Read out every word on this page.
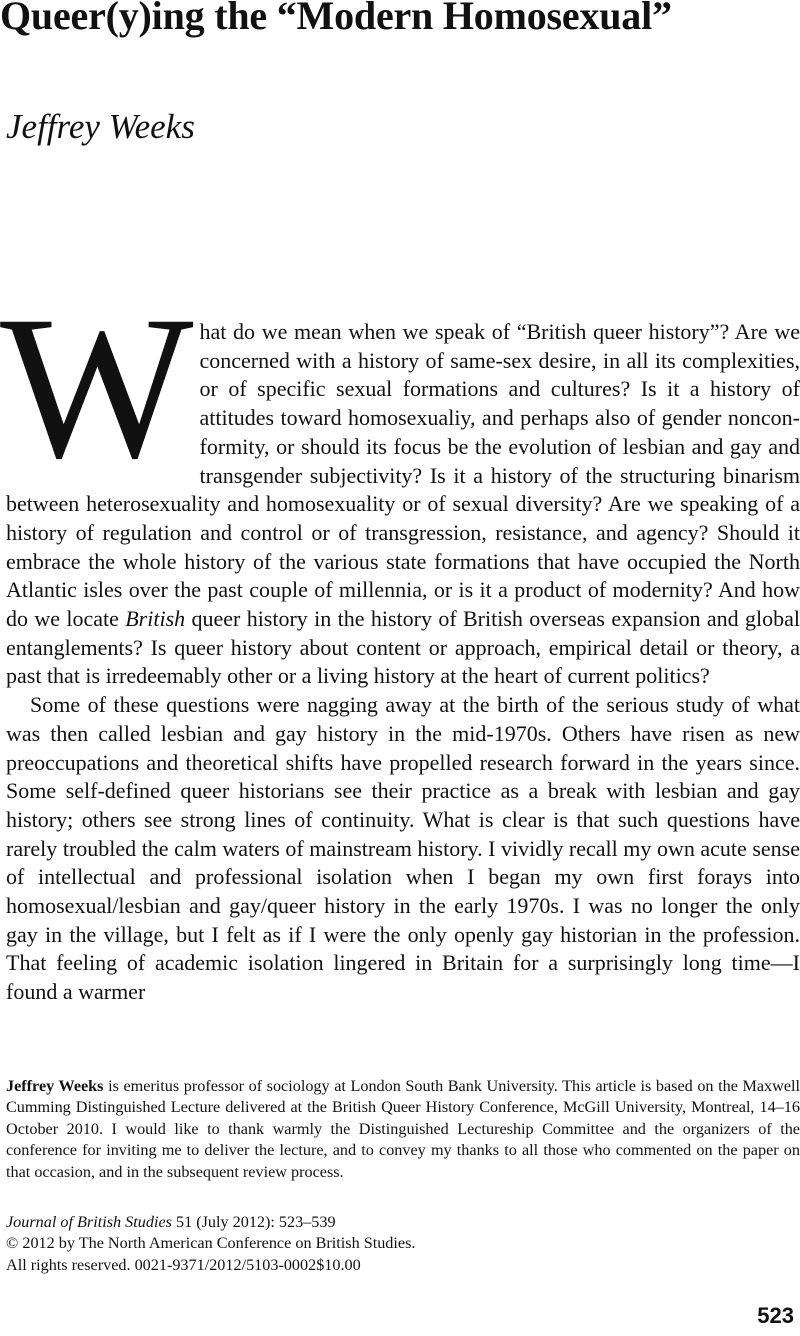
Queer(y)ing the “Modern Homosexual”
Jeffrey Weeks

What do we mean when we speak of “British queer history”? Are we concerned with a history of same-sex desire, in all its complexities, or of specific sexual formations and cultures? Is it a history of attitudes toward homosexualiy, and perhaps also of gender nonconformity, or should its focus be the evolution of lesbian and gay and transgender subjectivity? Is it a history of the structuring binarism between heterosexuality and homosexuality or of sexual diversity? Are we speaking of a history of regulation and control or of transgression, resistance, and agency? Should it embrace the whole history of the various state formations that have occupied the North Atlantic isles over the past couple of millennia, or is it a product of modernity? And how do we locate British queer history in the history of British overseas expansion and global entanglements? Is queer history about content or approach, empirical detail or theory, a past that is irredeemably other or a living history at the heart of current politics?

Some of these questions were nagging away at the birth of the serious study of what was then called lesbian and gay history in the mid-1970s. Others have risen as new preoccupations and theoretical shifts have propelled research forward in the years since. Some self-defined queer historians see their practice as a break with lesbian and gay history; others see strong lines of continuity. What is clear is that such questions have rarely troubled the calm waters of mainstream history. I vividly recall my own acute sense of intellectual and professional isolation when I began my own first forays into homosexual/lesbian and gay/queer history in the early 1970s. I was no longer the only gay in the village, but I felt as if I were the only openly gay historian in the profession. That feeling of academic isolation lingered in Britain for a surprisingly long time—I found a warmer

Jeffrey Weeks is emeritus professor of sociology at London South Bank University. This article is based on the Maxwell Cumming Distinguished Lecture delivered at the British Queer History Conference, McGill University, Montreal, 14–16 October 2010. I would like to thank warmly the Distinguished Lectureship Committee and the organizers of the conference for inviting me to deliver the lecture, and to convey my thanks to all those who commented on the paper on that occasion, and in the subsequent review process.

Journal of British Studies 51 (July 2012): 523–539
© 2012 by The North American Conference on British Studies.
All rights reserved. 0021-9371/2012/5103-0002$10.00
523
